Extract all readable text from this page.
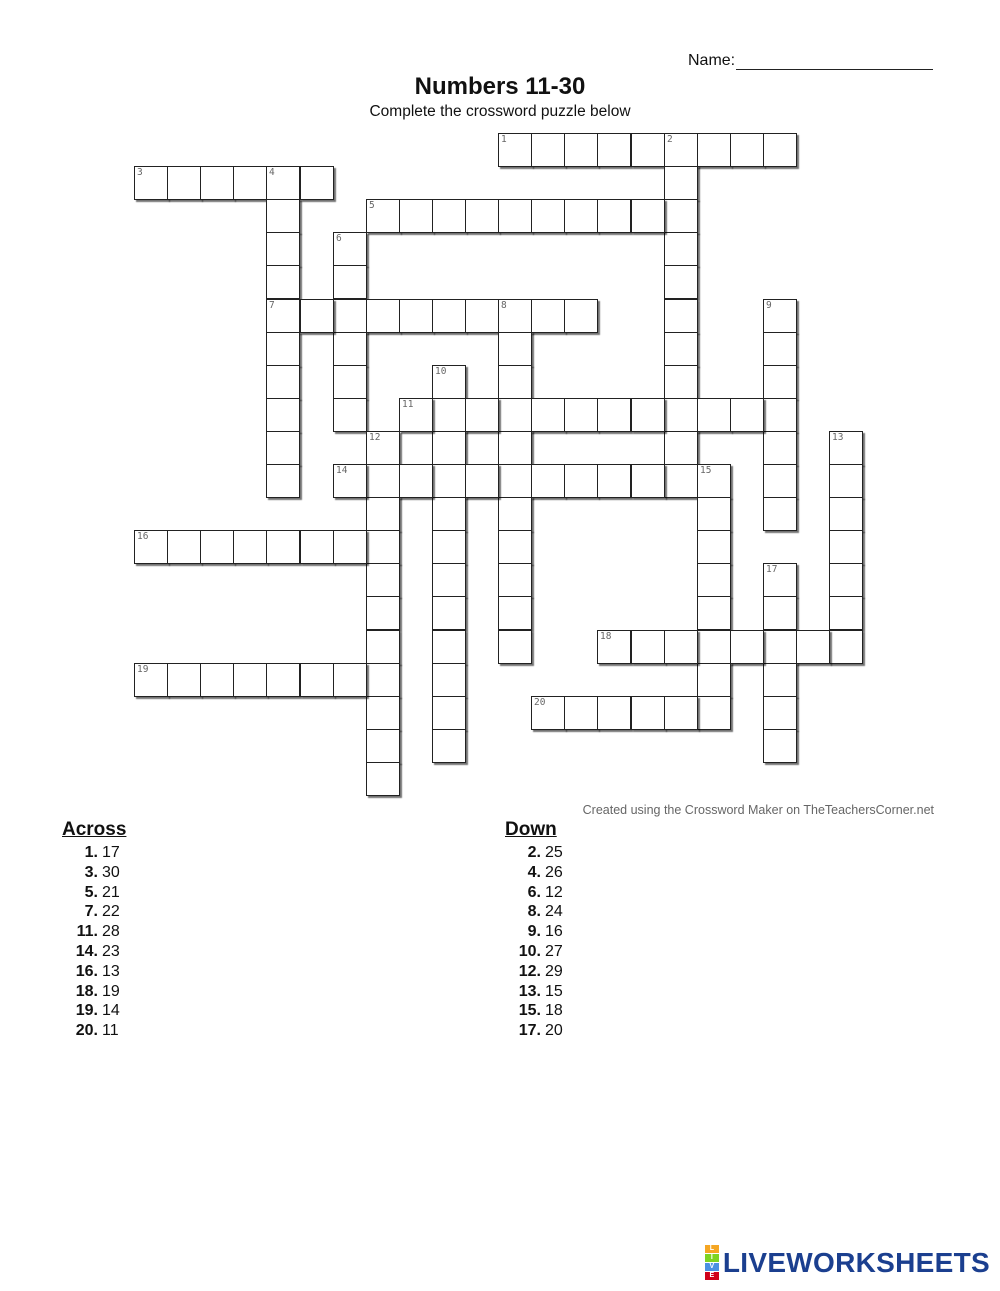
Name:
Numbers 11-30
Complete the crossword puzzle below
1	2
3	4
7
5
6
8	9
10
11
12	13
14	15
16
17
18
19
20
Created using the Crossword Maker on TheTeachersCorner.net
Across
1. 17
3. 30
5. 21
7. 22
11. 28
14. 23
16. 13
18. 19
19. 14
20. 11
Down
2. 25
4. 26
6. 12
8. 24
9. 16
10. 27
12. 29
13. 15
15. 18
17. 20
L
I
V
E LIVEWORKSHEETS
